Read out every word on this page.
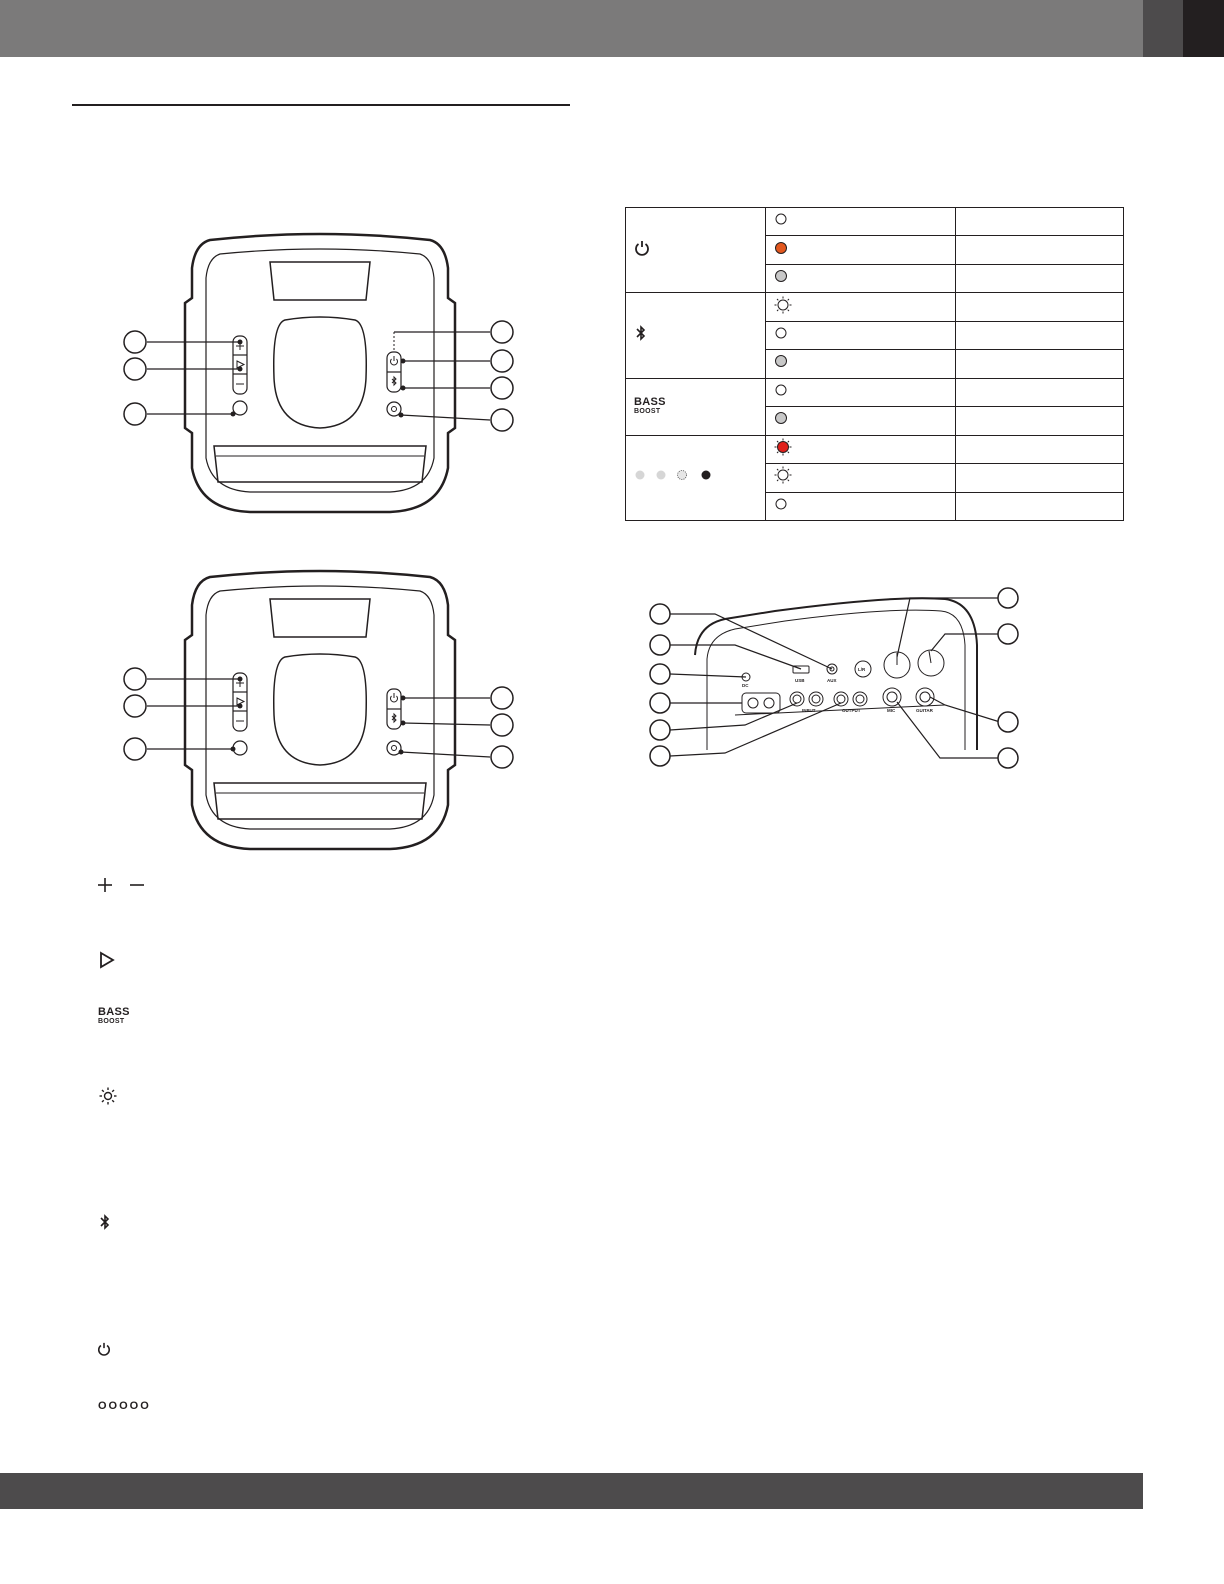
BASS
BOOST

USB	AUX
DC
L/R
INPUT	OUTPUT	MIC	GUITAR
BASS
BOOST
OOOOO
